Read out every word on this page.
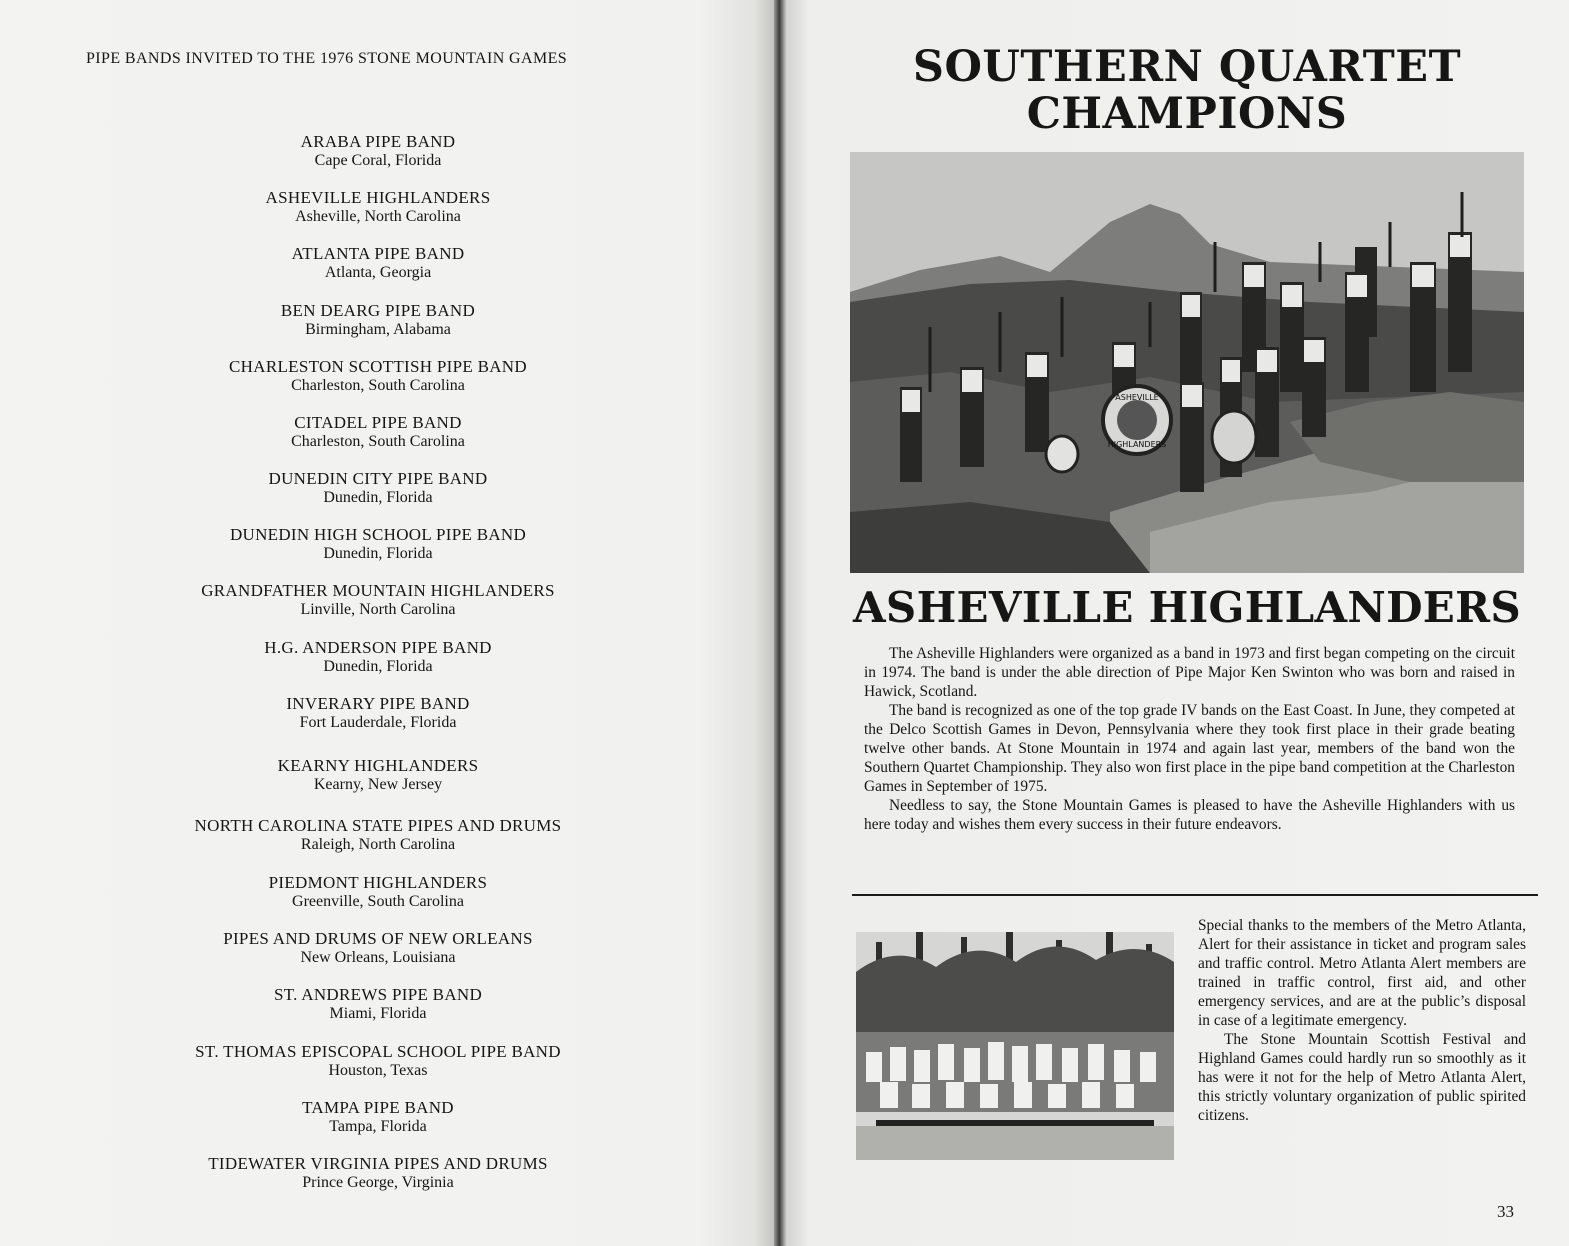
PIPE BANDS INVITED TO THE 1976 STONE MOUNTAIN GAMES
ARABA PIPE BAND
Cape Coral, Florida
ASHEVILLE HIGHLANDERS
Asheville, North Carolina
ATLANTA PIPE BAND
Atlanta, Georgia
BEN DEARG PIPE BAND
Birmingham, Alabama
CHARLESTON SCOTTISH PIPE BAND
Charleston, South Carolina
CITADEL PIPE BAND
Charleston, South Carolina
DUNEDIN CITY PIPE BAND
Dunedin, Florida
DUNEDIN HIGH SCHOOL PIPE BAND
Dunedin, Florida
GRANDFATHER MOUNTAIN HIGHLANDERS
Linville, North Carolina
H.G. ANDERSON PIPE BAND
Dunedin, Florida
INVERARY PIPE BAND
Fort Lauderdale, Florida
KEARNY HIGHLANDERS
Kearny, New Jersey
NORTH CAROLINA STATE PIPES AND DRUMS
Raleigh, North Carolina
PIEDMONT HIGHLANDERS
Greenville, South Carolina
PIPES AND DRUMS OF NEW ORLEANS
New Orleans, Louisiana
ST. ANDREWS PIPE BAND
Miami, Florida
ST. THOMAS EPISCOPAL SCHOOL PIPE BAND
Houston, Texas
TAMPA PIPE BAND
Tampa, Florida
TIDEWATER VIRGINIA PIPES AND DRUMS
Prince George, Virginia
SOUTHERN QUARTET
CHAMPIONS
ASHEVILLE
HIGHLANDERS
ASHEVILLE HIGHLANDERS

The Asheville Highlanders were organized as a band in 1973 and first began competing on the circuit in 1974. The band is under the able direction of Pipe Major Ken Swinton who was born and raised in Hawick, Scotland.

The band is recognized as one of the top grade IV bands on the East Coast. In June, they competed at the Delco Scottish Games in Devon, Pennsylvania where they took first place in their grade beating twelve other bands. At Stone Mountain in 1974 and again last year, members of the band won the Southern Quartet Championship. They also won first place in the pipe band competition at the Charleston Games in September of 1975.

Needless to say, the Stone Mountain Games is pleased to have the Asheville Highlanders with us here today and wishes them every success in their future endeavors.

Special thanks to the members of the Metro Atlanta, Alert for their assistance in ticket and program sales and traffic control. Metro Atlanta Alert members are trained in traffic control, first aid, and other emergency services, and are at the public’s disposal in case of a legitimate emergency.

The Stone Mountain Scottish Festival and Highland Games could hardly run so smoothly as it has were it not for the help of Metro Atlanta Alert, this strictly voluntary organization of public spirited citizens.

33
